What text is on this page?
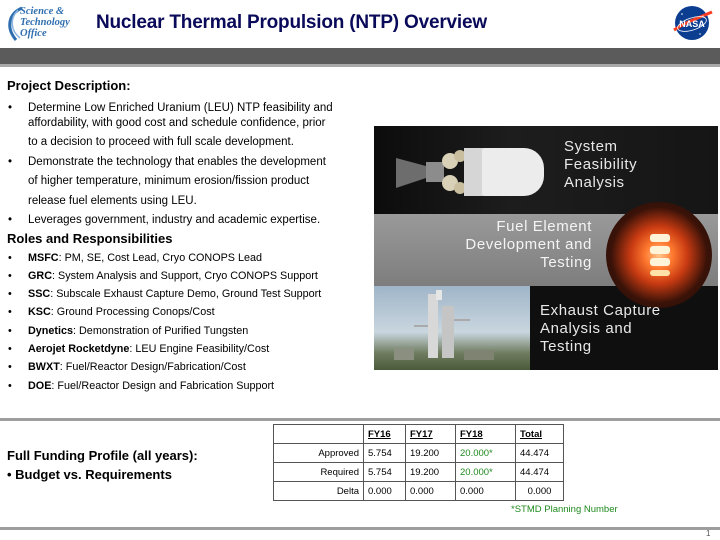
Science &
Technology
Office
Nuclear Thermal Propulsion (NTP) Overview	NASA
Project Description:
• Determine Low Enriched Uranium (LEU) NTP feasibility and
affordability, with good cost and schedule confidence, prior
to a decision to proceed with full scale development.
• Demonstrate the technology that enables the development
of higher temperature, minimum erosion/fission product
release fuel elements using LEU.
• Leverages government, industry and academic expertise.
Roles and Responsibilities
• MSFC: PM, SE, Cost Lead, Cryo CONOPS Lead
• GRC: System Analysis and Support, Cryo CONOPS Support
• SSC: Subscale Exhaust Capture Demo, Ground Test Support
• KSC: Ground Processing Conops/Cost
• Dynetics: Demonstration of Purified Tungsten
• Aerojet Rocketdyne: LEU Engine Feasibility/Cost
• BWXT: Fuel/Reactor Design/Fabrication/Cost
• DOE: Fuel/Reactor Design and Fabrication Support
System
Feasibility
Analysis
Fuel Element
Development and
Testing
Exhaust Capture
Analysis and
Testing
Full Funding Profile (all years):
• Budget vs. Requirements
	FY16	FY17	FY18	Total
Approved	5.754	19.200	20.000*	44.474
Required	5.754	19.200	20.000*	44.474
Delta	0.000	0.000	0.000	0.000
*STMD Planning Number
1
